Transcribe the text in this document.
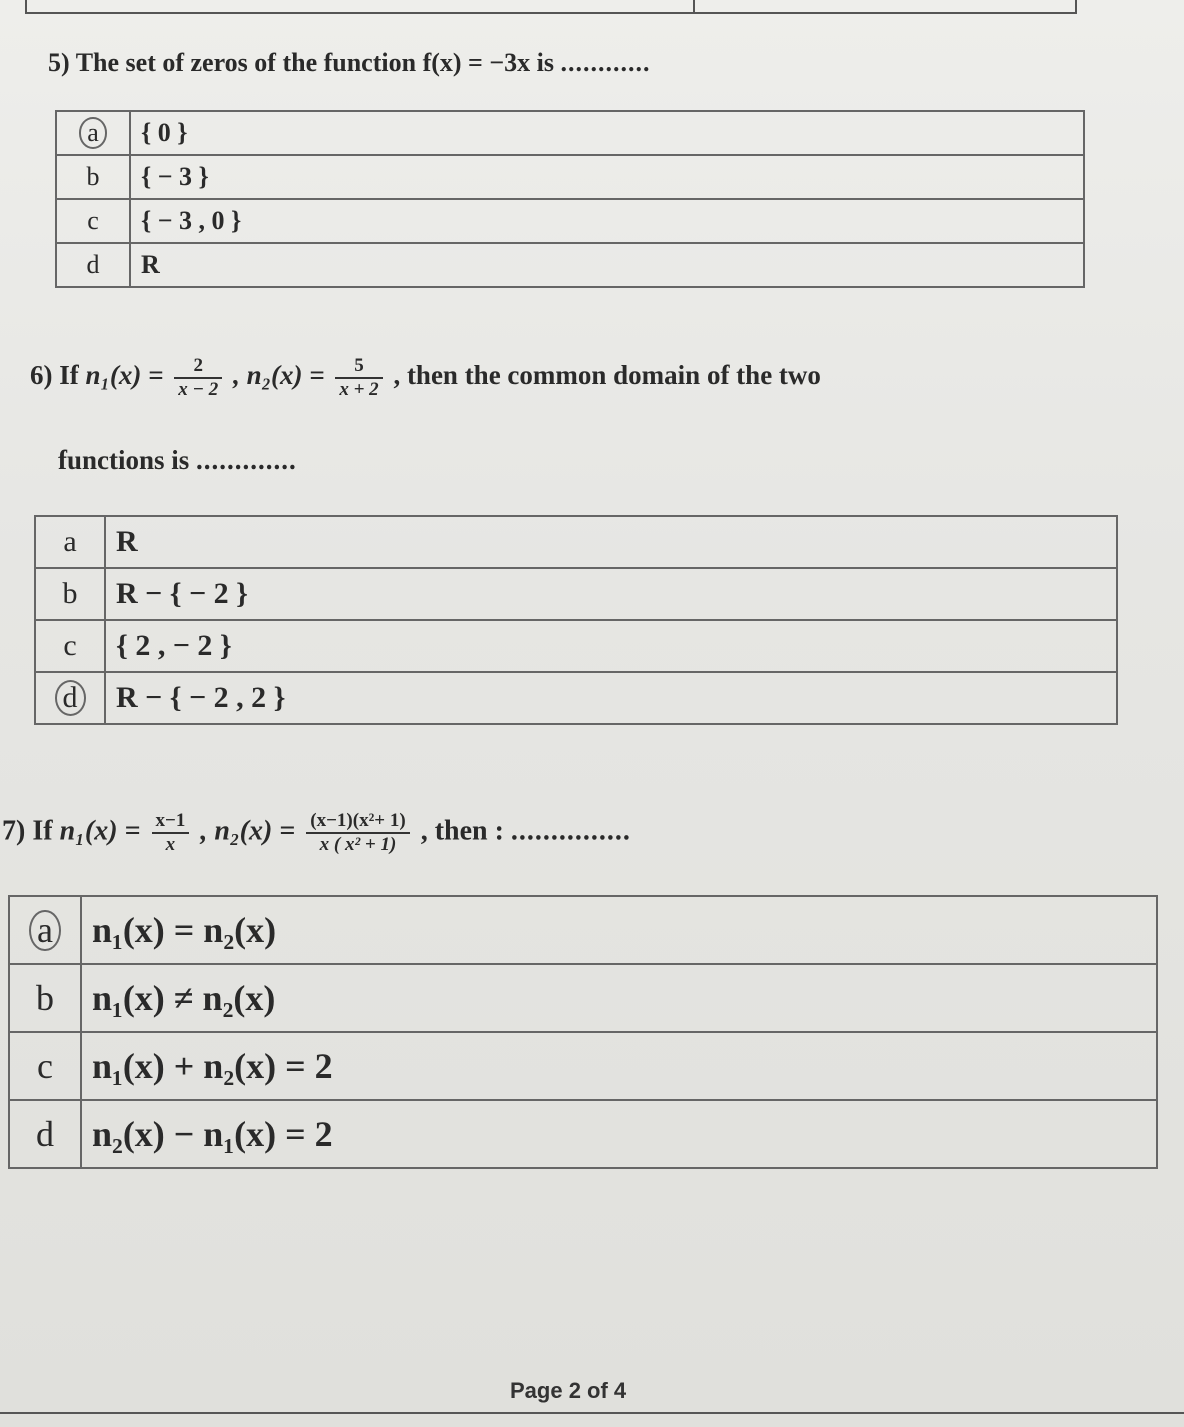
5) The set of zeros of the function f(x) = −3x is ............
a	{ 0 }
b	{ − 3 }
c	{ − 3 , 0 }
d	R
6) If $n_1(x) = \frac{2}{x - 2}$ , $n_2(x) = \frac{5}{x + 2}$ , then the common domain of the two
functions is .............
a	R
b	R − { − 2 }
c	{ 2 , − 2 }
d	R − { − 2 , 2 }
7) If $n_1(x) = \frac{x-1}{x}$ , $n_2(x) = \frac{\text{(x−1)(x²+ 1)}}{\text{x ( x² + 1)}}$ , then : ...............
a	n₁(x) = n₂(x)
b	n₁(x) ≠ n₂(x)
c	n₁(x) + n₂(x) = 2
d	n₂(x) − n₁(x) = 2
Page 2 of 4
